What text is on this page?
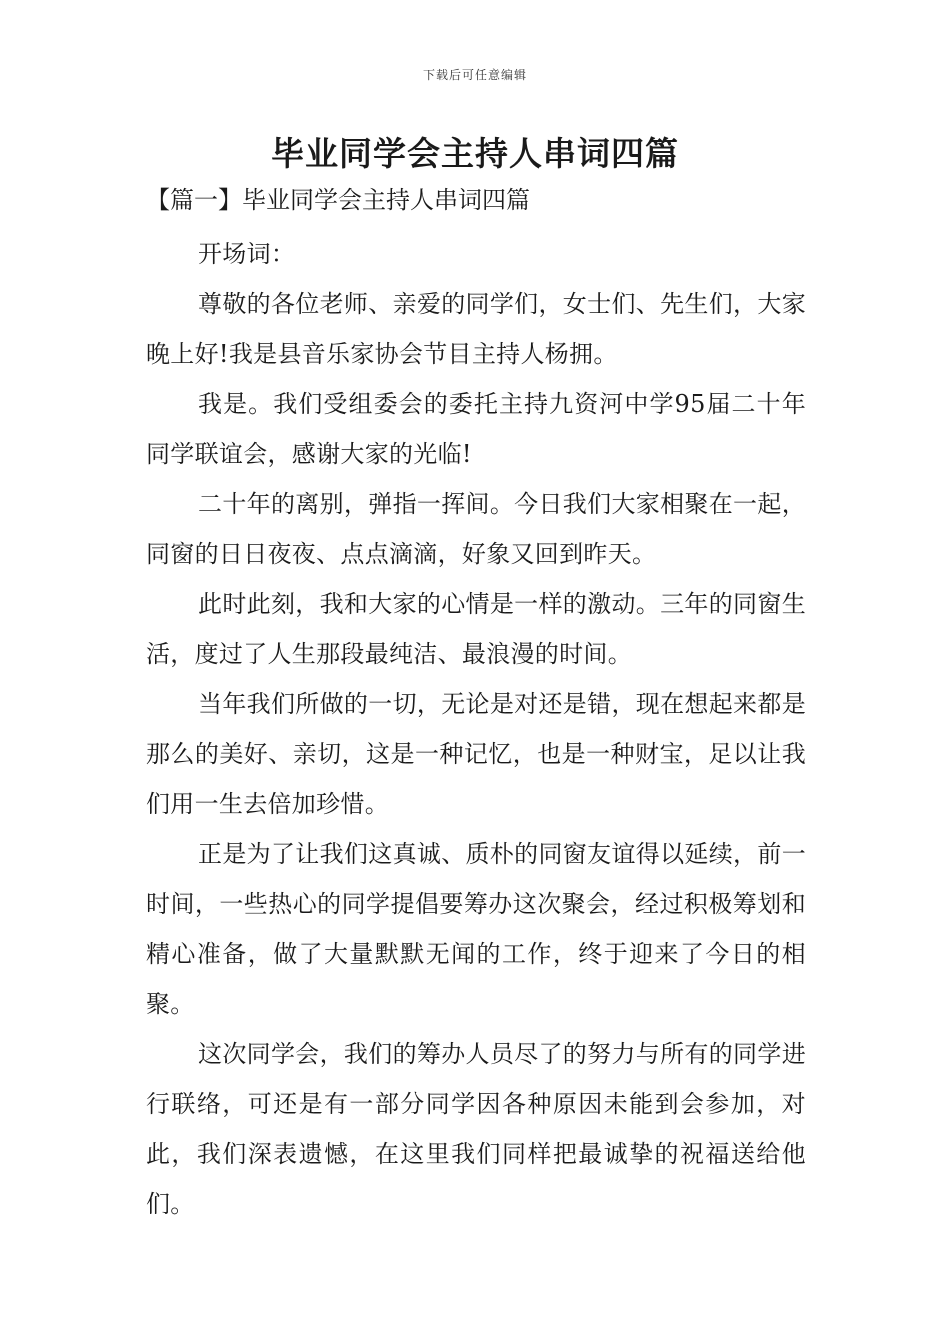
下载后可任意编辑
毕业同学会主持人串词四篇
【篇一】毕业同学会主持人串词四篇

开场词：

尊敬的各位老师、亲爱的同学们，女士们、先生们，大家晚上好!我是县音乐家协会节目主持人杨拥。

我是。我们受组委会的委托主持九资河中学95届二十年同学联谊会，感谢大家的光临!

二十年的离别，弹指一挥间。今日我们大家相聚在一起，同窗的日日夜夜、点点滴滴，好象又回到昨天。

此时此刻，我和大家的心情是一样的激动。三年的同窗生活，度过了人生那段最纯洁、最浪漫的时间。

当年我们所做的一切，无论是对还是错，现在想起来都是那么的美好、亲切，这是一种记忆，也是一种财宝，足以让我们用一生去倍加珍惜。

正是为了让我们这真诚、质朴的同窗友谊得以延续，前一时间，一些热心的同学提倡要筹办这次聚会，经过积极筹划和精心准备，做了大量默默无闻的工作，终于迎来了今日的相聚。

这次同学会，我们的筹办人员尽了的努力与所有的同学进行联络，可还是有一部分同学因各种原因未能到会参加，对此，我们深表遗憾，在这里我们同样把最诚挚的祝福送给他们。
